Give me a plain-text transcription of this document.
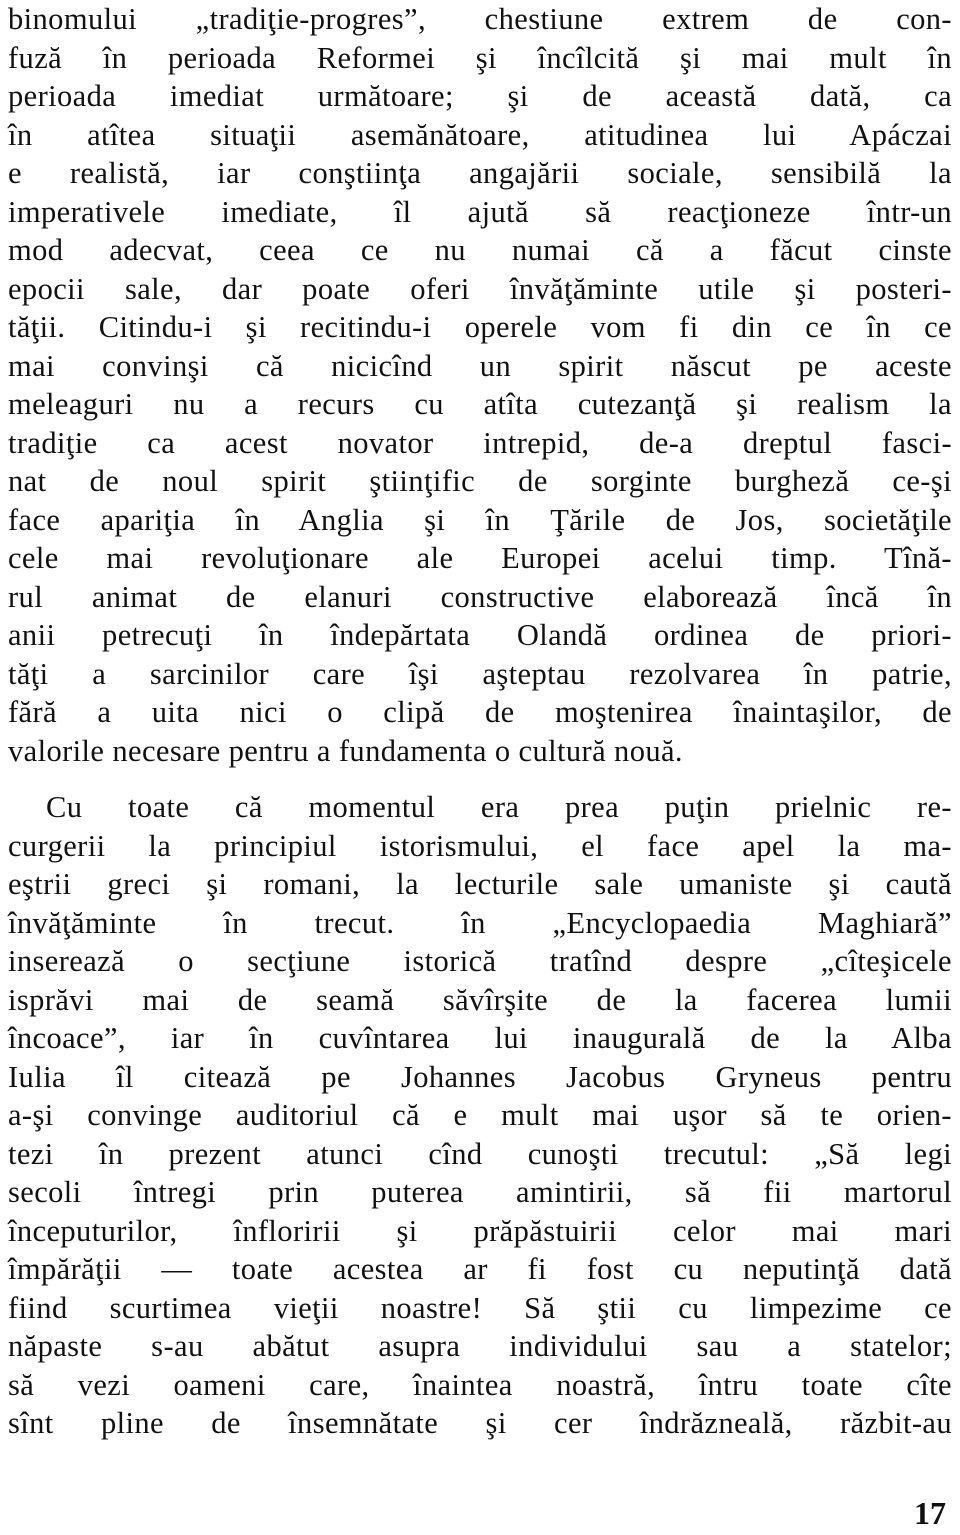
binomului „tradiţie-progres”, chestiune extrem de con-
fuză în perioada Reformei şi încîlcită şi mai mult în
perioada imediat următoare; şi de această dată, ca
în atîtea situaţii asemănătoare, atitudinea lui Apáczai
e realistă, iar conştiinţa angajării sociale, sensibilă la
imperativele imediate, îl ajută să reacţioneze într-un
mod adecvat, ceea ce nu numai că a făcut cinste
epocii sale, dar poate oferi învăţăminte utile şi posteri-
tăţii. Citindu-i şi recitindu-i operele vom fi din ce în ce
mai convinşi că nicicînd un spirit născut pe aceste
meleaguri nu a recurs cu atîta cutezanţă şi realism la
tradiţie ca acest novator intrepid, de-a dreptul fasci-
nat de noul spirit ştiinţific de sorginte burgheză ce-şi
face apariţia în Anglia şi în Ţările de Jos, societăţile
cele mai revoluţionare ale Europei acelui timp. Tînă-
rul animat de elanuri constructive elaborează încă în
anii petrecuţi în îndepărtata Olandă ordinea de priori-
tăţi a sarcinilor care îşi aşteptau rezolvarea în patrie,
fără a uita nici o clipă de moştenirea înaintaşilor, de
valorile necesare pentru a fundamenta o cultură nouă.
Cu toate că momentul era prea puţin prielnic re-
curgerii la principiul istorismului, el face apel la ma-
eştrii greci şi romani, la lecturile sale umaniste şi caută
învăţăminte în trecut. în „Encyclopaedia Maghiară”
inserează o secţiune istorică tratînd despre „cîteşicele
isprăvi mai de seamă săvîrşite de la facerea lumii
încoace”, iar în cuvîntarea lui inaugurală de la Alba
Iulia îl citează pe Johannes Jacobus Gryneus pentru
a-şi convinge auditoriul că e mult mai uşor să te orien-
tezi în prezent atunci cînd cunoşti trecutul: „Să legi
secoli întregi prin puterea amintirii, să fii martorul
începuturilor, înfloririi şi prăpăstuirii celor mai mari
împărăţii — toate acestea ar fi fost cu neputinţă dată
fiind scurtimea vieţii noastre! Să ştii cu limpezime ce
năpaste s-au abătut asupra individului sau a statelor;
să vezi oameni care, înaintea noastră, întru toate cîte
sînt pline de însemnătate şi cer îndrăzneală, răzbit-au
17
